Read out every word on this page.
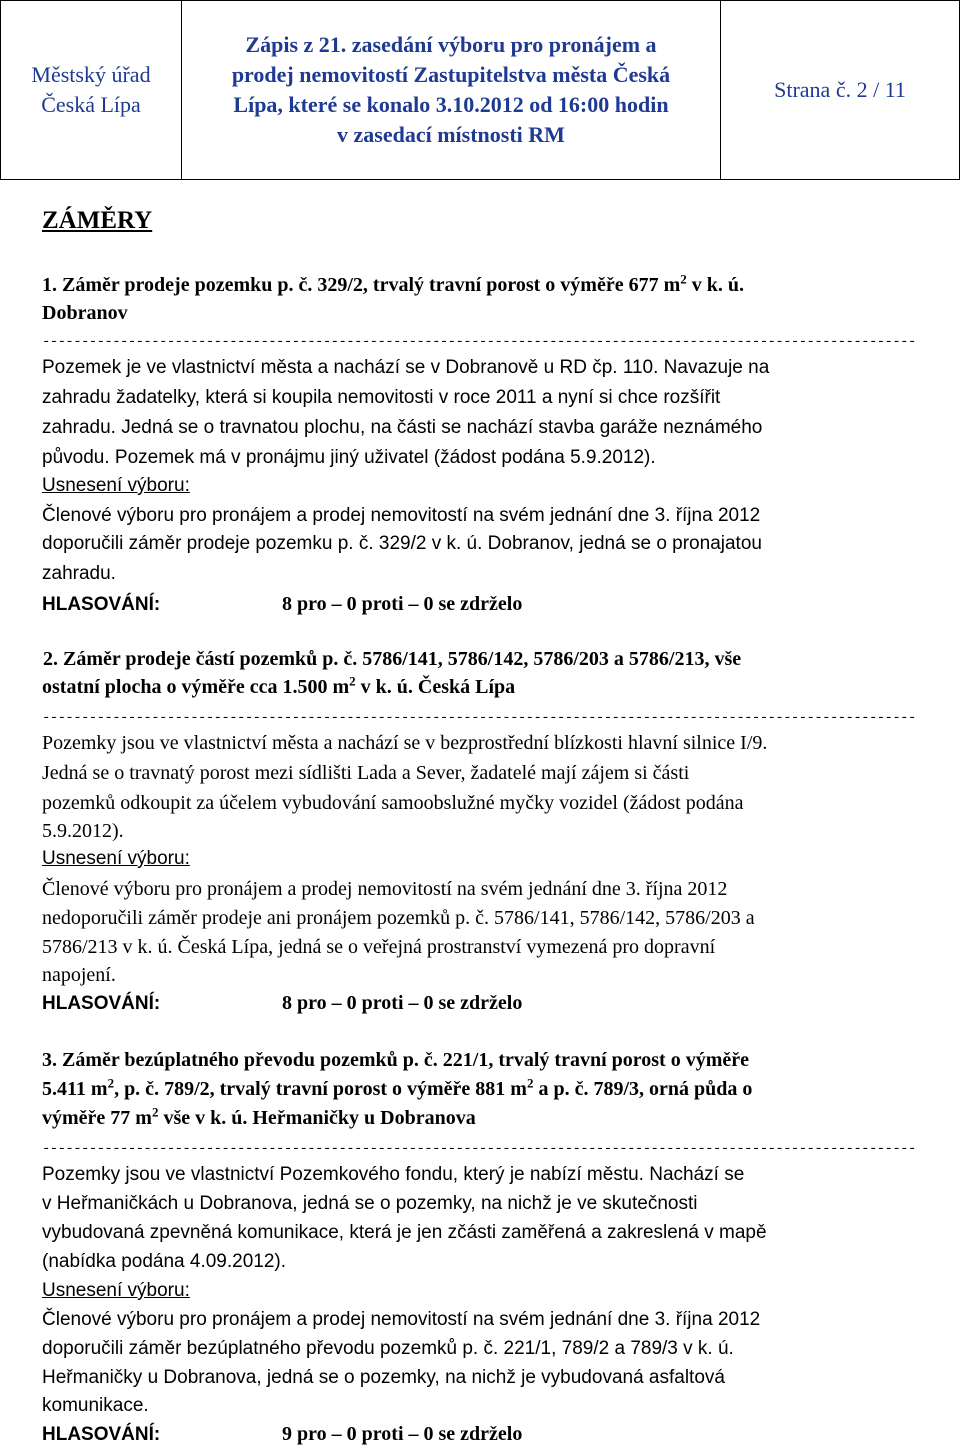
Městský úřad
Česká Lípa
Zápis z 21. zasedání výboru pro pronájem a
prodej nemovitostí Zastupitelstva města Česká
Lípa, které se konalo 3.10.2012 od 16:00 hodin
v zasedací místnosti RM
Strana č. 2 / 11
ZÁMĚRY
1. Záměr prodeje pozemku p. č. 329/2, trvalý travní porost o výměře 677 $m^2$ v k. ú.
Dobranov
----------------------------------------------------------------------------------------------------------------
Pozemek je ve vlastnictví města a nachází se v Dobranově u RD čp. 110. Navazuje na
zahradu žadatelky, která si koupila nemovitosti v roce 2011 a nyní si chce rozšířit
zahradu. Jedná se o travnatou plochu, na části se nachází stavba garáže neznámého
původu. Pozemek má v pronájmu jiný uživatel (žádost podána 5.9.2012).
Usnesení výboru:
Členové výboru pro pronájem a prodej nemovitostí na svém jednání dne 3. října 2012
doporučili záměr prodeje pozemku p. č. 329/2 v k. ú. Dobranov, jedná se o pronajatou
zahradu.
HLASOVÁNÍ:	8 pro – 0 proti – 0 se zdrželo
2. Záměr prodeje částí pozemků p. č. 5786/141, 5786/142, 5786/203 a 5786/213, vše
ostatní plocha o výměře cca 1.500 $m^2$ v k. ú. Česká Lípa
----------------------------------------------------------------------------------------------------------------
Pozemky jsou ve vlastnictví města a nachází se v bezprostřední blízkosti hlavní silnice I/9.
Jedná se o travnatý porost mezi sídlišti Lada a Sever, žadatelé mají zájem si části
pozemků odkoupit za účelem vybudování samoobslužné myčky vozidel (žádost podána
5.9.2012).
Usnesení výboru:
Členové výboru pro pronájem a prodej nemovitostí na svém jednání dne 3. října 2012
nedoporučili záměr prodeje ani pronájem pozemků p. č. 5786/141, 5786/142, 5786/203 a
5786/213 v k. ú. Česká Lípa, jedná se o veřejná prostranství vymezená pro dopravní
napojení.
HLASOVÁNÍ:	8 pro – 0 proti – 0 se zdrželo
3. Záměr bezúplatného převodu pozemků p. č. 221/1, trvalý travní porost o výměře
5.411 $m^2$, p. č. 789/2, trvalý travní porost o výměře 881 $m^2$ a p. č. 789/3, orná půda o
výměře 77 $m^2$ vše v k. ú. Heřmaničky u Dobranova
----------------------------------------------------------------------------------------------------------------
Pozemky jsou ve vlastnictví Pozemkového fondu, který je nabízí městu. Nachází se
v Heřmaničkách u Dobranova, jedná se o pozemky, na nichž je ve skutečnosti
vybudovaná zpevněná komunikace, která je jen zčásti zaměřená a zakreslená v mapě
(nabídka podána 4.09.2012).
Usnesení výboru:
Členové výboru pro pronájem a prodej nemovitostí na svém jednání dne 3. října 2012
doporučili záměr bezúplatného převodu pozemků p. č. 221/1, 789/2 a 789/3 v k. ú.
Heřmaničky u Dobranova, jedná se o pozemky, na nichž je vybudovaná asfaltová
komunikace.
HLASOVÁNÍ:	9 pro – 0 proti – 0 se zdrželo
